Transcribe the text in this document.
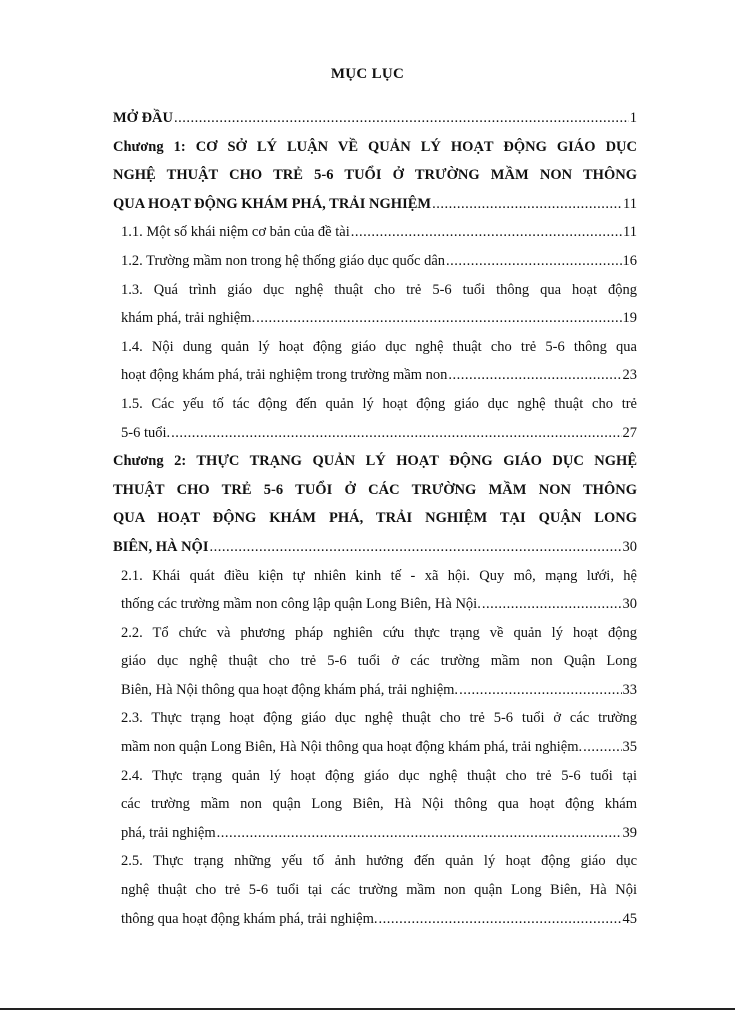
MỤC LỤC
MỞ ĐẦU .....	1
Chương 1: CƠ SỞ LÝ LUẬN VỀ QUẢN LÝ HOẠT ĐỘNG GIÁO DỤC
NGHỆ THUẬT CHO TRẺ 5-6 TUỔI Ở TRƯỜNG MẦM NON THÔNG
QUA HOẠT ĐỘNG KHÁM PHÁ, TRẢI NGHIỆM .....	11
1.1. Một số khái niệm cơ bản của đề tài .....	11
1.2. Trường mầm non trong hệ thống giáo dục quốc dân .....	16
1.3. Quá trình giáo dục nghệ thuật cho trẻ 5-6 tuổi thông qua hoạt động
khám phá, trải nghiệm. .....	19
1.4. Nội dung quản lý hoạt động giáo dục nghệ thuật cho trẻ 5-6 thông qua
hoạt động khám phá, trải nghiệm trong trường mầm non .....	23
1.5. Các yếu tố tác động đến quản lý hoạt động giáo dục nghệ thuật cho trẻ
5-6 tuổi. .....	27
Chương 2: THỰC TRẠNG QUẢN LÝ HOẠT ĐỘNG GIÁO DỤC NGHỆ
THUẬT CHO TRẺ 5-6 TUỔI Ở CÁC TRƯỜNG MẦM NON THÔNG
QUA HOẠT ĐỘNG KHÁM PHÁ, TRẢI NGHIỆM TẠI QUẬN LONG
BIÊN, HÀ NỘI .....	30
2.1. Khái quát điều kiện tự nhiên kinh tế - xã hội. Quy mô, mạng lưới, hệ
thống các trường mầm non công lập quận Long Biên, Hà Nội. .....	30
2.2. Tổ chức và phương pháp nghiên cứu thực trạng về quản lý hoạt động
giáo dục nghệ thuật cho trẻ 5-6 tuổi ở các trường mầm non Quận Long
Biên, Hà Nội thông qua hoạt động khám phá, trải nghiệm. .....	33
2.3. Thực trạng hoạt động giáo dục nghệ thuật cho trẻ 5-6 tuổi ở các trường
mầm non quận Long Biên, Hà Nội thông qua hoạt động khám phá, trải nghiệm. .....	35
2.4. Thực trạng quản lý hoạt động giáo dục nghệ thuật cho trẻ 5-6 tuổi tại
các trường mầm non quận Long Biên, Hà Nội thông qua hoạt động khám
phá, trải nghiệm .....	39
2.5. Thực trạng những yếu tố ảnh hưởng đến quản lý hoạt động giáo dục
nghệ thuật cho trẻ 5-6 tuổi tại các trường mầm non quận Long Biên, Hà Nội
thông qua hoạt động khám phá, trải nghiệm. .....	45
